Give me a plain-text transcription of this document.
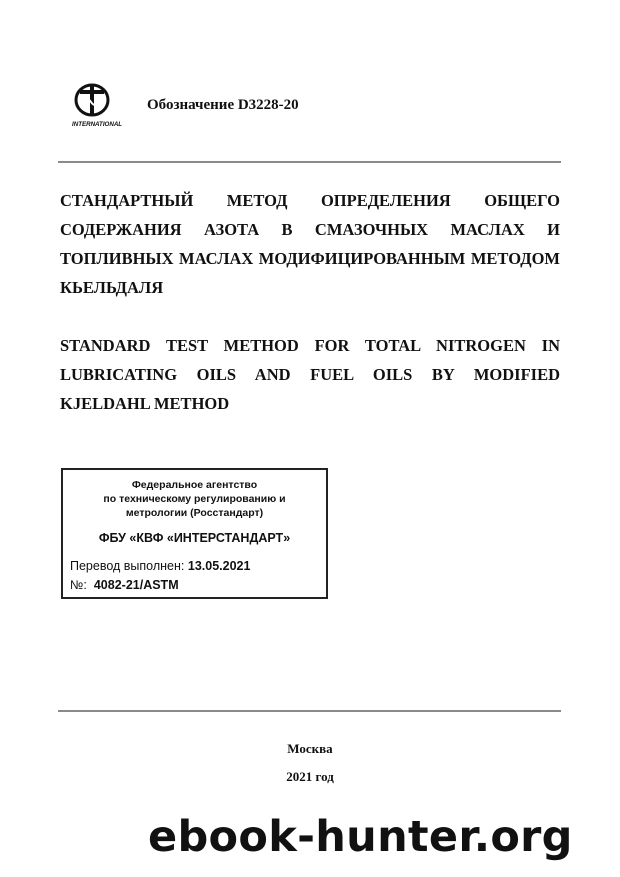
INTERNATIONAL
Обозначение D3228-20

СТАНДАРТНЫЙ МЕТОД ОПРЕДЕЛЕНИЯ ОБЩЕГО СОДЕРЖАНИЯ АЗОТА В СМАЗОЧНЫХ МАСЛАХ И ТОПЛИВНЫХ МАСЛАХ МОДИФИЦИРОВАННЫМ МЕТОДОМ КЬЕЛЬДАЛЯ

STANDARD TEST METHOD FOR TOTAL NITROGEN IN LUBRICATING OILS AND FUEL OILS BY MODIFIED KJELDAHL METHOD

Федеральное агентство
по техническому регулированию и
метрологии (Росстандарт)
ФБУ «КВФ «ИНТЕРСТАНДАРТ»
Перевод выполнен: 13.05.2021
№: 4082-21/ASTM
Москва
2021 год
ebook-hunter.org
